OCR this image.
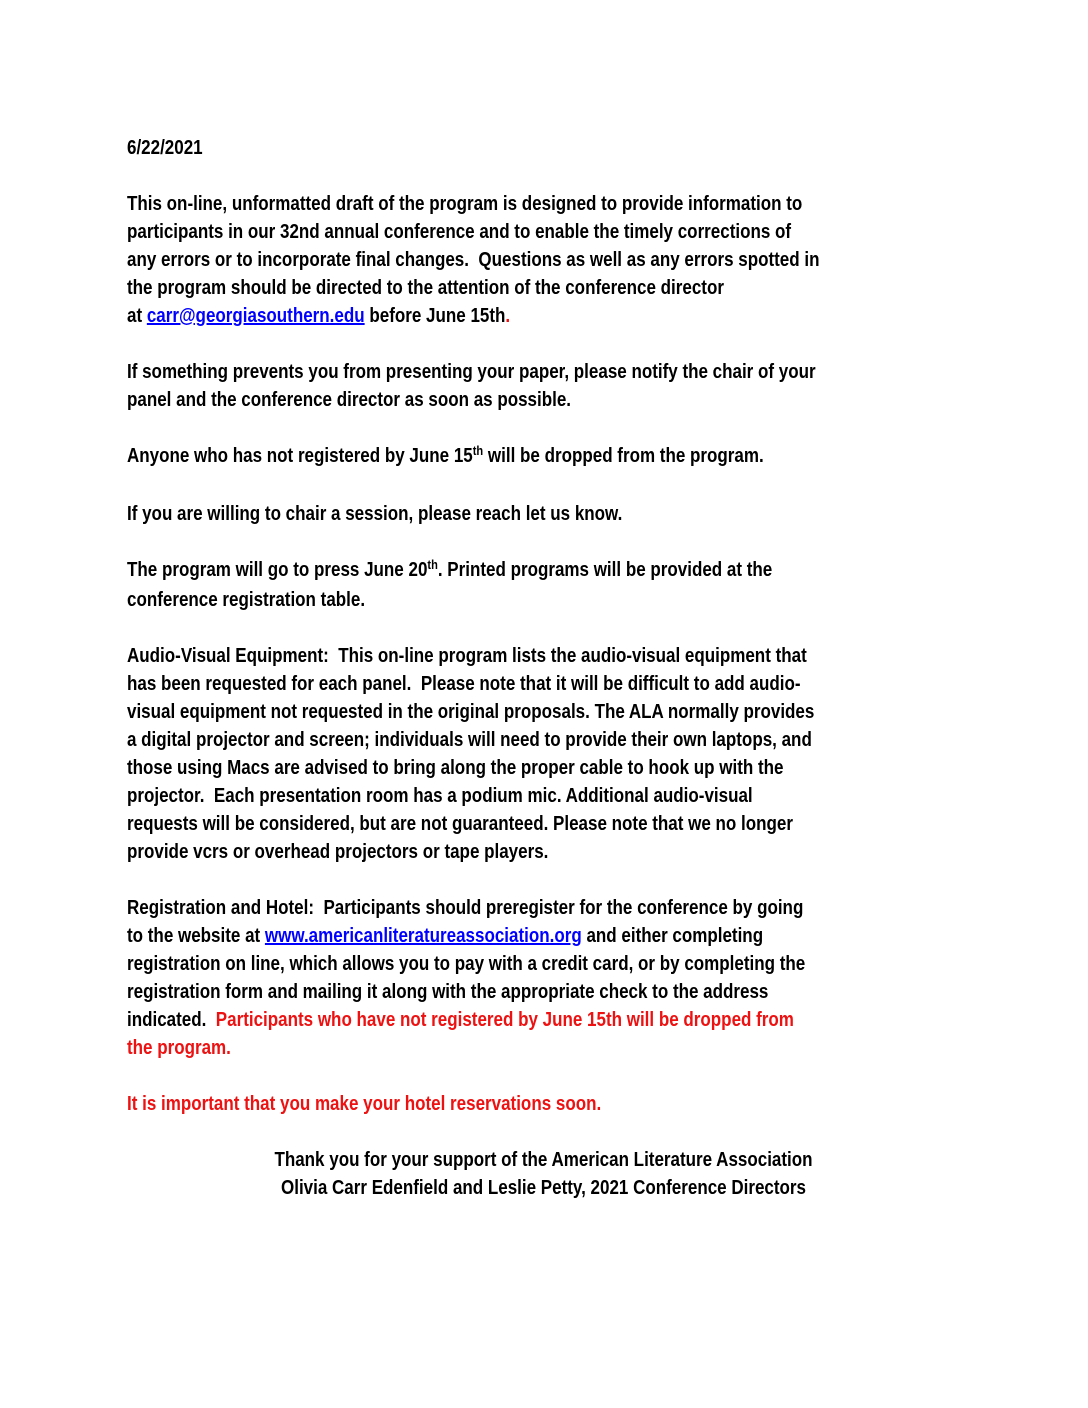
6/22/2021
This on-line, unformatted draft of the program is designed to provide information to
participants in our 32nd annual conference and to enable the timely corrections of
any errors or to incorporate final changes.  Questions as well as any errors spotted in
the program should be directed to the attention of the conference director
at carr@georgiasouthern.edu before June 15th.
If something prevents you from presenting your paper, please notify the chair of your
panel and the conference director as soon as possible.
Anyone who has not registered by June 15th will be dropped from the program.
If you are willing to chair a session, please reach let us know.
The program will go to press June 20th. Printed programs will be provided at the
conference registration table.
Audio-Visual Equipment:  This on-line program lists the audio-visual equipment that
has been requested for each panel.  Please note that it will be difficult to add audio-
visual equipment not requested in the original proposals. The ALA normally provides
a digital projector and screen; individuals will need to provide their own laptops, and
those using Macs are advised to bring along the proper cable to hook up with the
projector.  Each presentation room has a podium mic. Additional audio-visual
requests will be considered, but are not guaranteed. Please note that we no longer
provide vcrs or overhead projectors or tape players.
Registration and Hotel:  Participants should preregister for the conference by going
to the website at www.americanliteratureassociation.org and either completing
registration on line, which allows you to pay with a credit card, or by completing the
registration form and mailing it along with the appropriate check to the address
indicated.  Participants who have not registered by June 15th will be dropped from
the program.
It is important that you make your hotel reservations soon.
Thank you for your support of the American Literature Association
Olivia Carr Edenfield and Leslie Petty, 2021 Conference Directors
